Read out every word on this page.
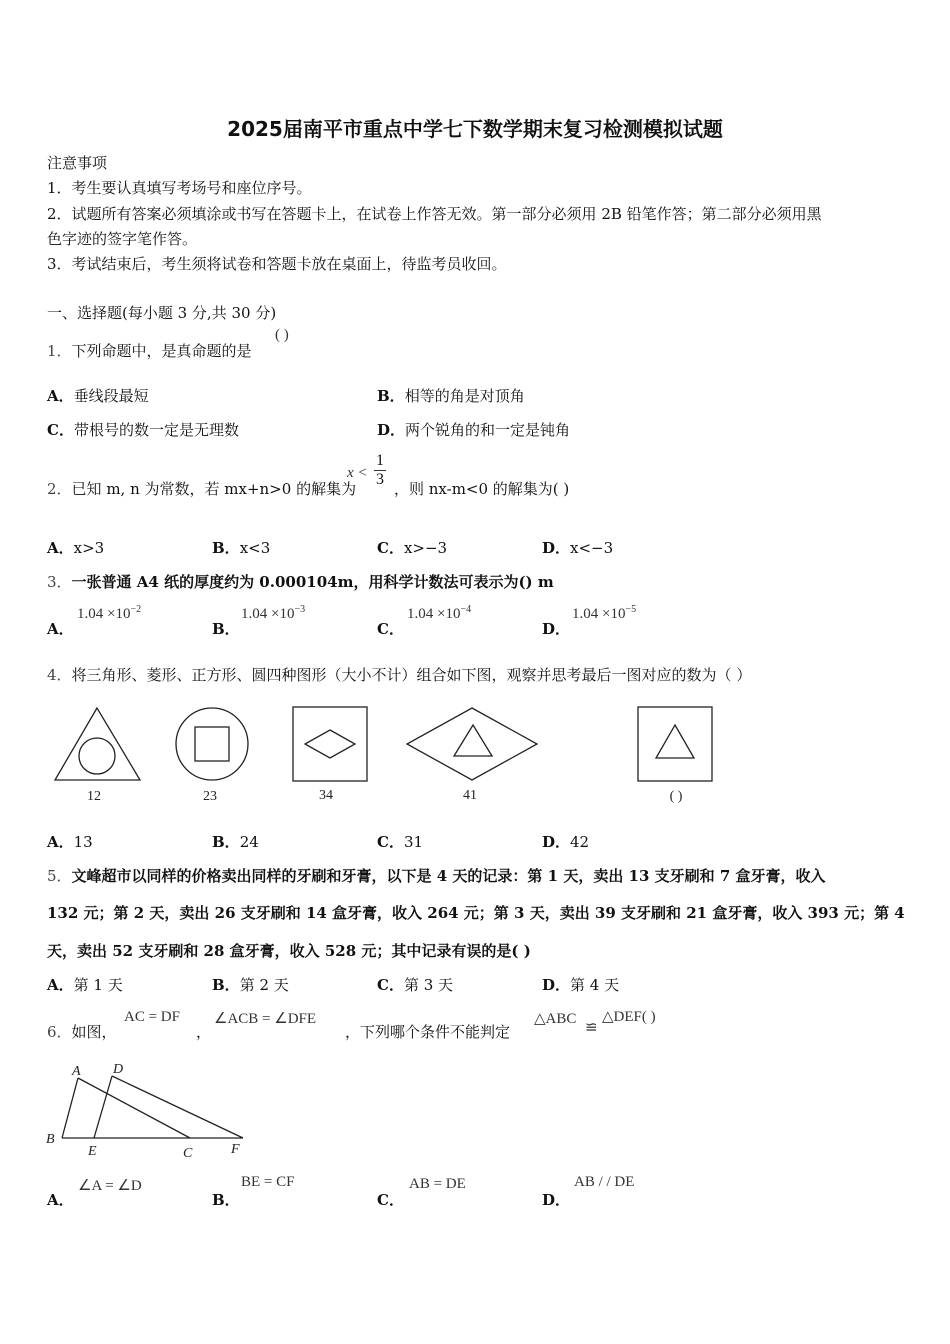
2025届南平市重点中学七下数学期末复习检测模拟试题
注意事项
1．考生要认真填写考场号和座位序号。
2．试题所有答案必须填涂或书写在答题卡上，在试卷上作答无效。第一部分必须用 2B 铅笔作答；第二部分必须用黑
色字迹的签字笔作答。
3．考试结束后，考生须将试卷和答题卡放在桌面上，待监考员收回。
一、选择题(每小题 3 分,共 30 分)
1．下列命题中，是真命题的是
( )
A．垂线段最短	B．相等的角是对顶角
C．带根号的数一定是无理数	D．两个锐角的和一定是钝角
2．已知 m, n 为常数，若 mx+n>0 的解集为
$x < \frac{1}{3}$ ，则 nx-m<0 的解集为( )
A．x>3	B．x<3	C．x>−3	D．x<−3
3．一张普通 A4 纸的厚度约为 0.000104m，用科学计数法可表示为() m
A．
$1.04 \times 10^{-2}$
B．
$1.04 \times 10^{-3}$
C．
$1.04 \times 10^{-4}$
D．
$1.04 \times 10^{-5}$
4．将三角形、菱形、正方形、圆四种图形（大小不计）组合如下图，观察并思考最后一图对应的数为（ ）
12	23	34	41	( )
A．13	B．24	C．31	D．42
5．文峰超市以同样的价格卖出同样的牙刷和牙膏，以下是 4 天的记录：第 1 天，卖出 13 支牙刷和 7 盒牙膏，收入
132 元；第 2 天，卖出 26 支牙刷和 14 盒牙膏，收入 264 元；第 3 天，卖出 39 支牙刷和 21 盒牙膏，收入 393 元；第 4
天，卖出 52 支牙刷和 28 盒牙膏，收入 528 元；其中记录有误的是( )
A．第 1 天	B．第 2 天	C．第 3 天	D．第 4 天
6．如图，
AC = DF
，
∠ACB = ∠DFE
，下列哪个条件不能判定
△ABC
≌
△DEF( )
A D
B
E	C	F
A．
∠A = ∠D
B．
BE = CF
C．
AB = DE
D．
AB / / DE
